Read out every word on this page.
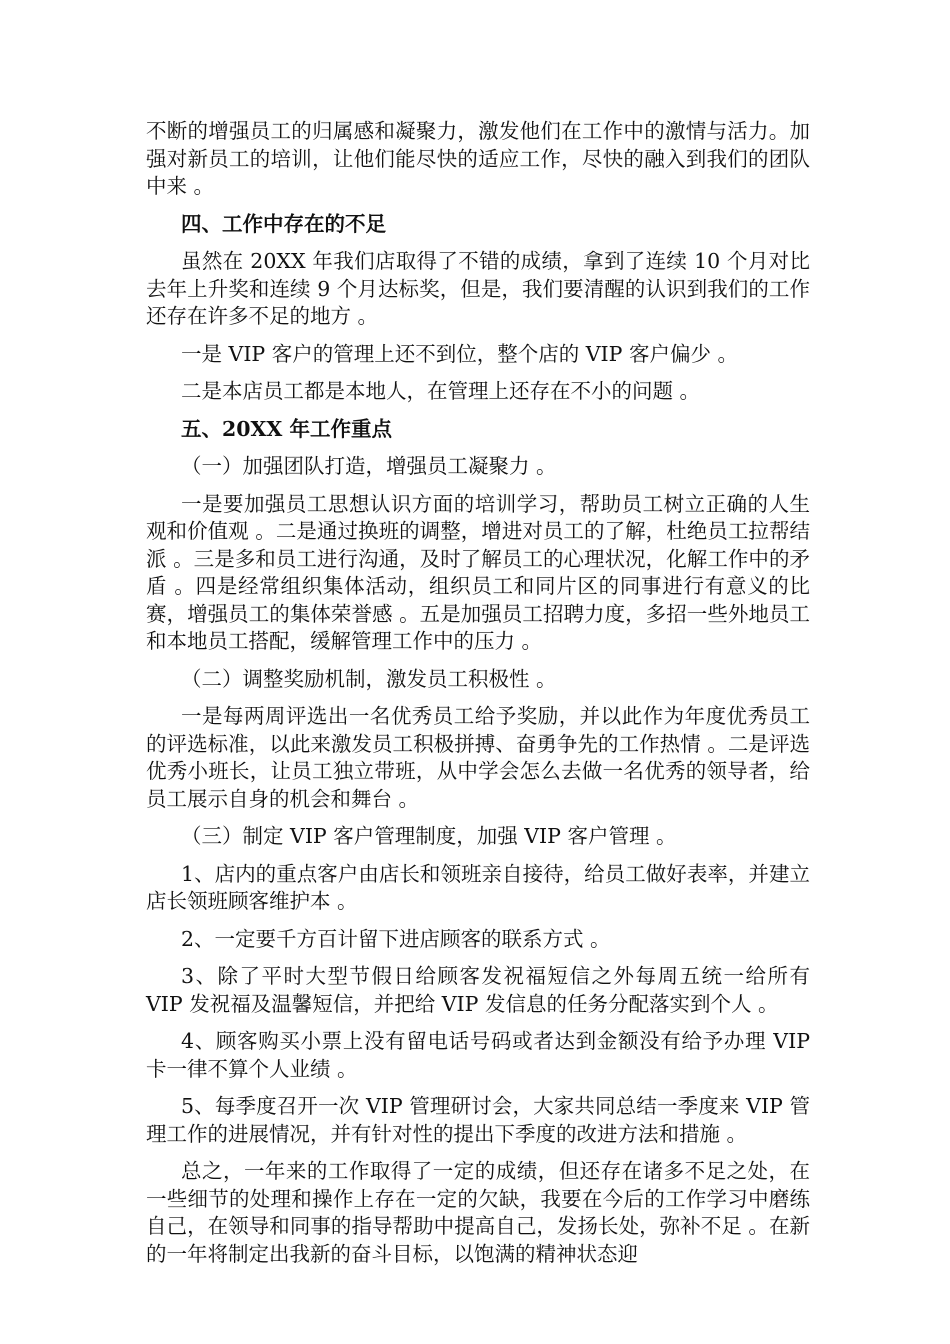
不断的增强员工的归属感和凝聚力，激发他们在工作中的激情与活力。加强对新员工的培训，让他们能尽快的适应工作，尽快的融入到我们的团队中来 。

四、工作中存在的不足

虽然在 20XX 年我们店取得了不错的成绩，拿到了连续 10 个月对比去年上升奖和连续 9 个月达标奖，但是，我们要清醒的认识到我们的工作还存在许多不足的地方 。

一是 VIP 客户的管理上还不到位，整个店的 VIP 客户偏少 。

二是本店员工都是本地人，在管理上还存在不小的问题 。

五、20XX 年工作重点

（一）加强团队打造，增强员工凝聚力 。

一是要加强员工思想认识方面的培训学习，帮助员工树立正确的人生观和价值观 。二是通过换班的调整，增进对员工的了解，杜绝员工拉帮结派 。三是多和员工进行沟通，及时了解员工的心理状况，化解工作中的矛盾 。四是经常组织集体活动，组织员工和同片区的同事进行有意义的比赛，增强员工的集体荣誉感 。五是加强员工招聘力度，多招一些外地员工和本地员工搭配，缓解管理工作中的压力 。

（二）调整奖励机制，激发员工积极性 。

一是每两周评选出一名优秀员工给予奖励，并以此作为年度优秀员工的评选标准，以此来激发员工积极拼搏、奋勇争先的工作热情 。二是评选优秀小班长，让员工独立带班，从中学会怎么去做一名优秀的领导者，给员工展示自身的机会和舞台 。

（三）制定 VIP 客户管理制度，加强 VIP 客户管理 。

1、店内的重点客户由店长和领班亲自接待，给员工做好表率，并建立店长领班顾客维护本 。

2、一定要千方百计留下进店顾客的联系方式 。

3、除了平时大型节假日给顾客发祝福短信之外每周五统一给所有 VIP 发祝福及温馨短信，并把给 VIP 发信息的任务分配落实到个人 。

4、顾客购买小票上没有留电话号码或者达到金额没有给予办理 VIP 卡一律不算个人业绩 。

5、每季度召开一次 VIP 管理研讨会，大家共同总结一季度来 VIP 管理工作的进展情况，并有针对性的提出下季度的改进方法和措施 。

总之，一年来的工作取得了一定的成绩，但还存在诸多不足之处，在一些细节的处理和操作上存在一定的欠缺，我要在今后的工作学习中磨练自己，在领导和同事的指导帮助中提高自己，发扬长处，弥补不足 。在新的一年将制定出我新的奋斗目标，以饱满的精神状态迎
